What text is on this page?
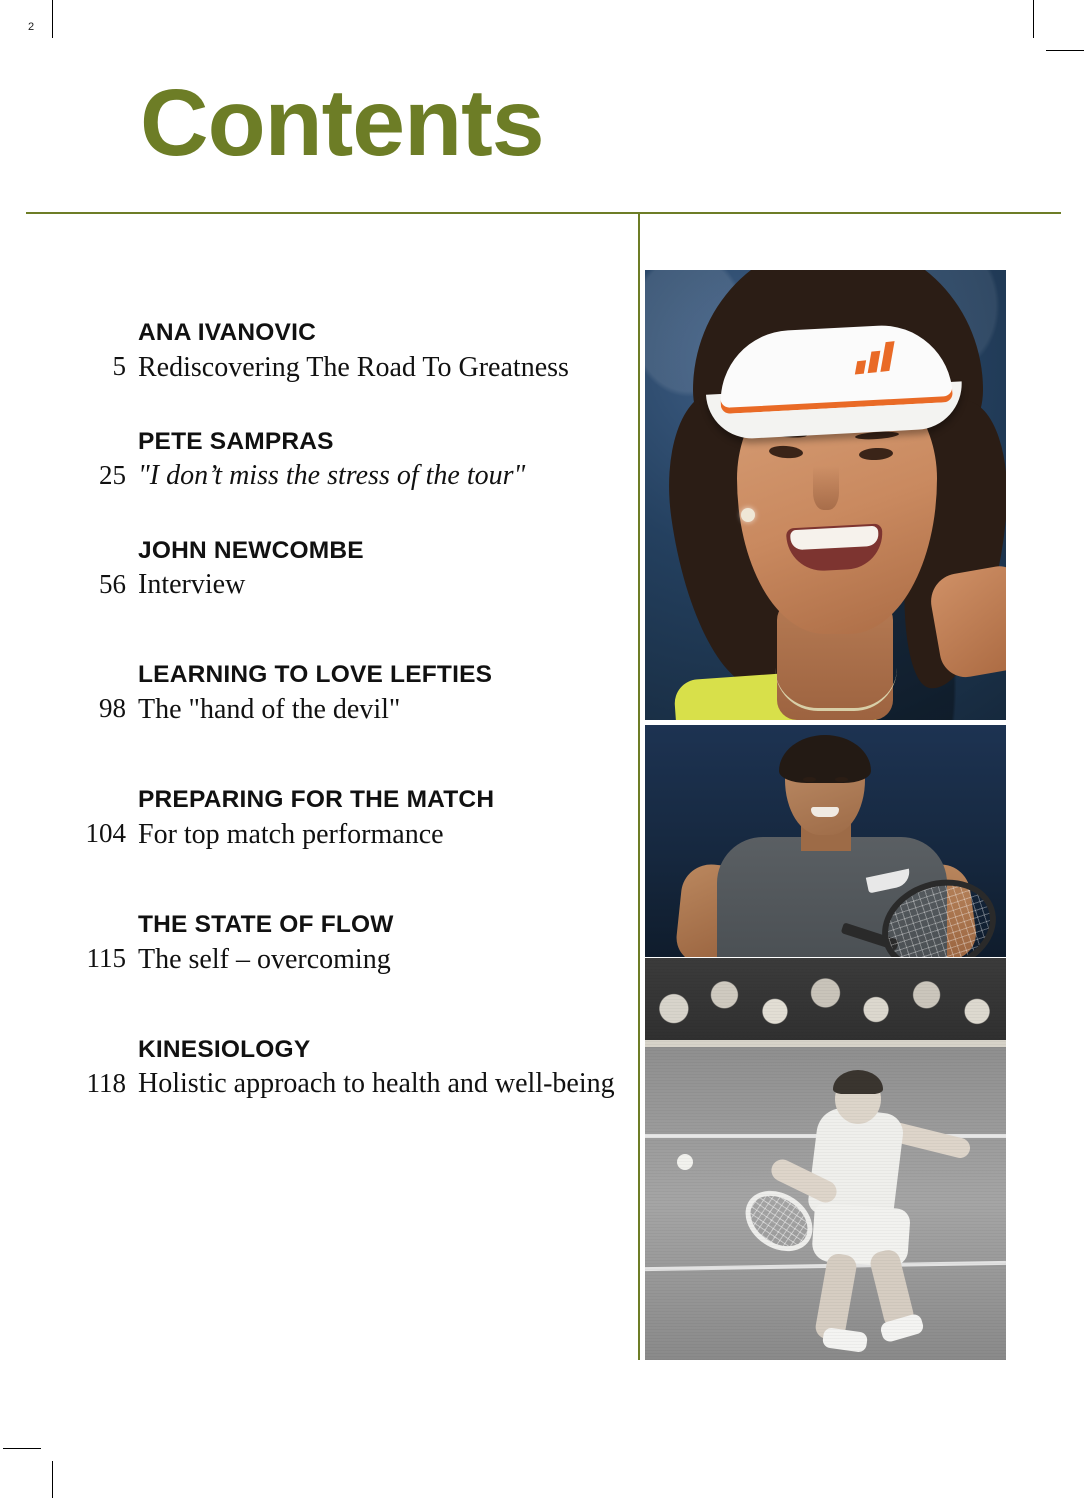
2
Contents
5
ANA IVANOVIC
Rediscovering The Road To Greatness
25
PETE SAMPRAS
"I don’t miss the stress of the tour"
56
JOHN NEWCOMBE
Interview
98
LEARNING TO LOVE LEFTIES
The "hand of the devil"
104
PREPARING FOR THE MATCH
For top match performance
115
THE STATE OF FLOW
The self – overcoming
118
KINESIOLOGY
Holistic approach to health and well-being
